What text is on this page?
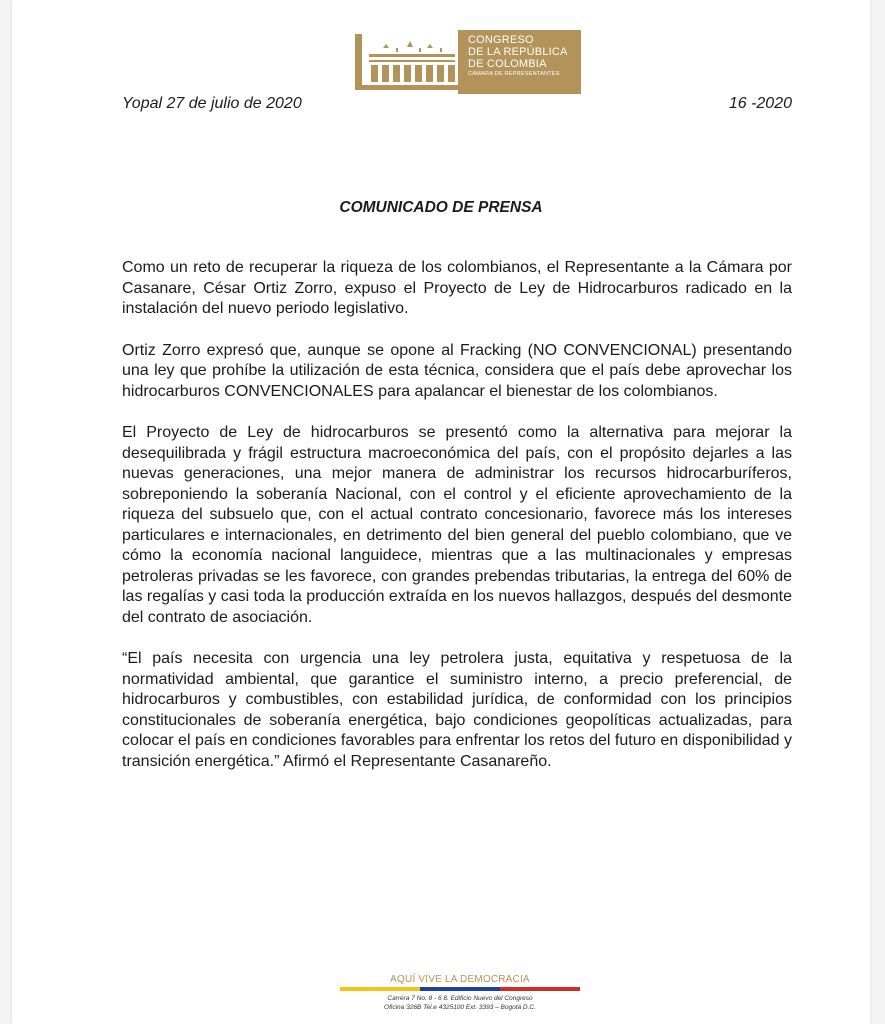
CONGRESO
DE LA REPÚBLICA
DE COLOMBIA
CÁMARA DE REPRESENTANTES
Yopal 27 de julio de 2020	16 -2020
COMUNICADO DE PRENSA

Como un reto de recuperar la riqueza de los colombianos, el Representante a la Cámara por Casanare, César Ortiz Zorro, expuso el Proyecto de Ley de Hidrocarburos radicado en la instalación del nuevo periodo legislativo.

Ortiz Zorro expresó que, aunque se opone al Fracking (NO CONVENCIONAL) presentando una ley que prohíbe la utilización de esta técnica, considera que el país debe aprovechar los hidrocarburos CONVENCIONALES para apalancar el bienestar de los colombianos.

El Proyecto de Ley de hidrocarburos se presentó como la alternativa para mejorar la desequilibrada y frágil estructura macroeconómica del país, con el propósito dejarles a las nuevas generaciones, una mejor manera de administrar los recursos hidrocarburíferos, sobreponiendo la soberanía Nacional, con el control y el eficiente aprovechamiento de la riqueza del subsuelo que, con el actual contrato concesionario, favorece más los intereses particulares e internacionales, en detrimento del bien general del pueblo colombiano, que ve cómo la economía nacional languidece, mientras que a las multinacionales y empresas petroleras privadas se les favorece, con grandes prebendas tributarias, la entrega del 60% de las regalías y casi toda la producción extraída en los nuevos hallazgos, después del desmonte del contrato de asociación.

“El país necesita con urgencia una ley petrolera justa, equitativa y respetuosa de la normatividad ambiental, que garantice el suministro interno, a precio preferencial, de hidrocarburos y combustibles, con estabilidad jurídica, de conformidad con los principios constitucionales de soberanía energética, bajo condiciones geopolíticas actualizadas, para colocar el país en condiciones favorables para enfrentar los retos del futuro en disponibilidad y transición energética.” Afirmó el Representante Casanareño.

AQUÍ VIVE LA DEMOCRACIA
Carrera 7 No. 8 - 6 8. Edificio Nuevo del Congreso
Oficina 326B Tel.e 4325100 Ext. 3393 – Bogotá D.C.
